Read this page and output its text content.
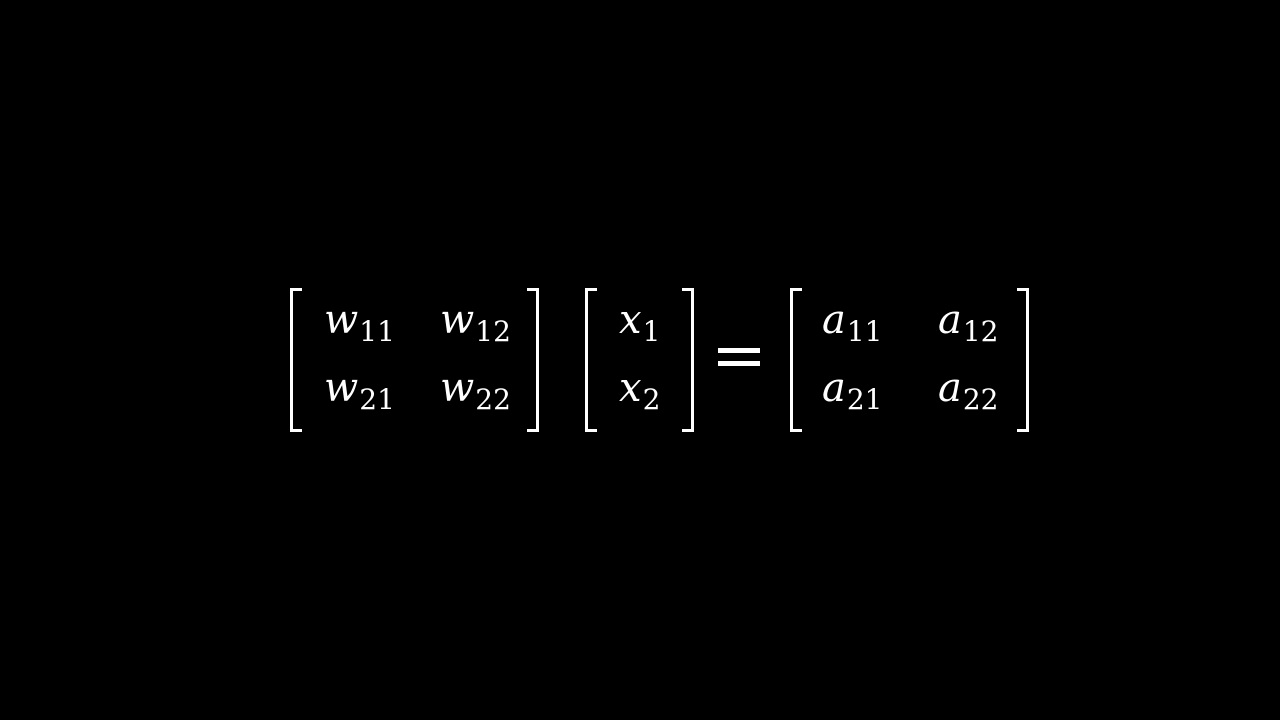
$w_{11}$ $w_{12}$
$w_{21}$ $w_{22}$
$x_1$
$x_2$
$a_{11}$ $a_{12}$
$a_{21}$ $a_{22}$
